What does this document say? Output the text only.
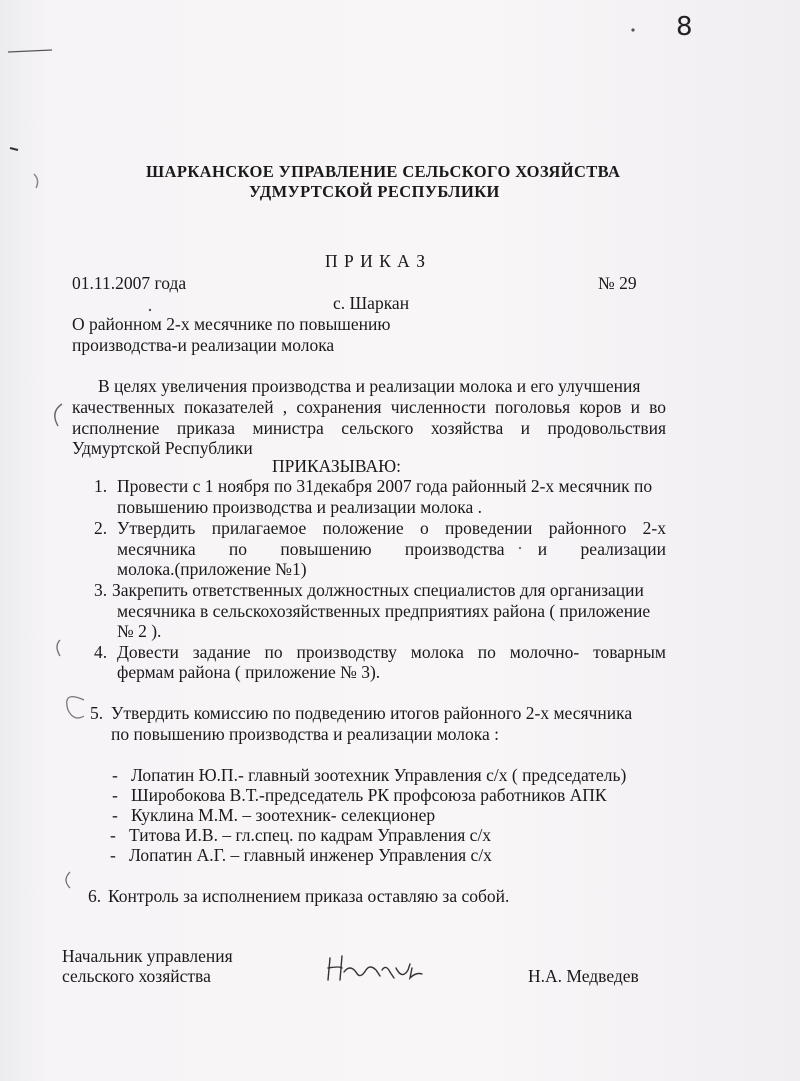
8
ШАРКАНСКОЕ УПРАВЛЕНИЕ СЕЛЬСКОГО ХОЗЯЙСТВА
УДМУРТСКОЙ РЕСПУБЛИКИ
П Р И К А З
01.11.2007 года	№ 29
с. Шаркан
О районном 2-х месячнике по повышению
производства-и реализации молока
В целях увеличения производства и реализации молока и его улучшения
качественных показателей , сохранения численности поголовья коров и во
исполнение приказа министра сельского хозяйства и продовольствия
Удмуртской Республики
ПРИКАЗЫВАЮ:
1. Провести с 1 ноября по 31декабря 2007 года районный 2-х месячник по
повышению производства и реализации молока .
2. Утвердить прилагаемое положение о проведении районного 2-х
месячника по повышению производства и реализации
молока.(приложение №1)
3. Закрепить ответственных должностных специалистов для организации
месячника в сельскохозяйственных предприятиях района ( приложение
№ 2 ).
4. Довести задание по производству молока по молочно- товарным
фермам района ( приложение № 3).
5. Утвердить комиссию по подведению итогов районного 2-х месячника
по повышению производства и реализации молока :
-   Лопатин Ю.П.- главный зоотехник Управления с/х ( председатель)
-   Широбокова В.Т.-председатель РК профсоюза работников АПК
-   Куклина М.М. – зоотехник- селекционер
-   Титова И.В. – гл.спец. по кадрам Управления с/х
-   Лопатин А.Г. – главный инженер Управления с/х
6. Контроль за исполнением приказа оставляю за собой.
Начальник управления
сельского хозяйства	Н.А. Медведев
